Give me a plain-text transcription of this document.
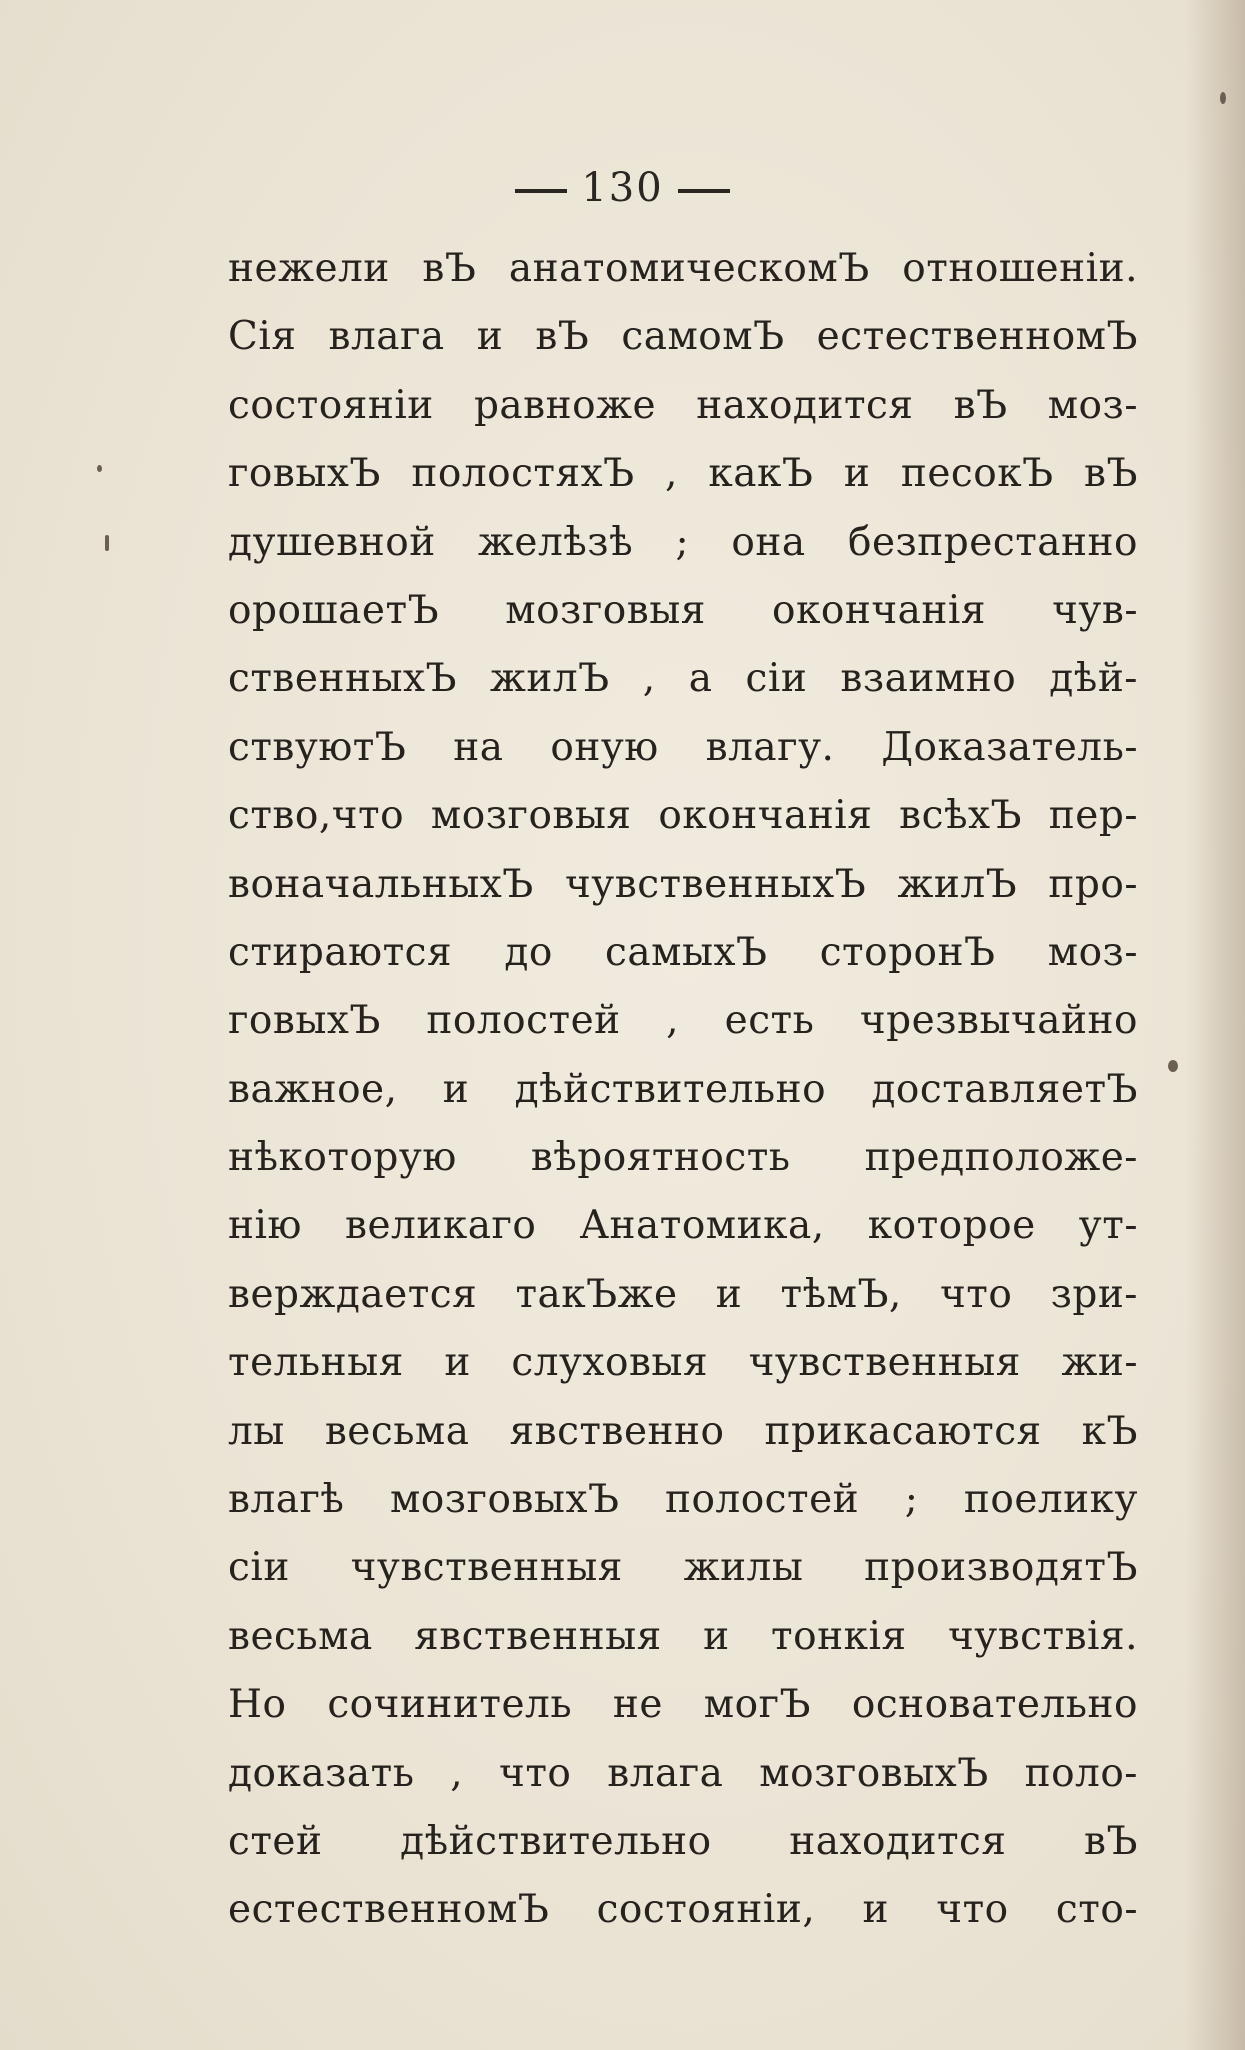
130
нежели вЪ анатомическомЪ отношенiи.
Сiя влага и вЪ самомЪ естественномЪ
состоянiи равноже находится вЪ моз-
говыхЪ полостяхЪ , какЪ и песокЪ вЪ
душевной желѣзѣ ; она безпрестанно
орошаетЪ мозговыя окончанiя чув-
ственныхЪ жилЪ , а сiи взаимно дѣй-
ствуютЪ на оную влагу. Доказатель-
ство,что мозговыя окончанiя всѣхЪ пер-
воначальныхЪ чувственныхЪ жилЪ про-
стираются до самыхЪ сторонЪ моз-
говыхЪ полостей , есть чрезвычайно
важное, и дѣйствительно доставляетЪ
нѣкоторую вѣроятность предположе-
нiю великаго Анатомика, которое ут-
верждается такЪже и тѣмЪ, что зри-
тельныя и слуховыя чувственныя жи-
лы весьма явственно прикасаются кЪ
влагѣ мозговыхЪ полостей ; поелику
сiи чувственныя жилы производятЪ
весьма явственныя и тонкiя чувствiя.
Но сочинитель не могЪ основательно
доказать , что влага мозговыхЪ поло-
стей дѣйствительно находится вЪ
естественномЪ состоянiи, и что сто-
